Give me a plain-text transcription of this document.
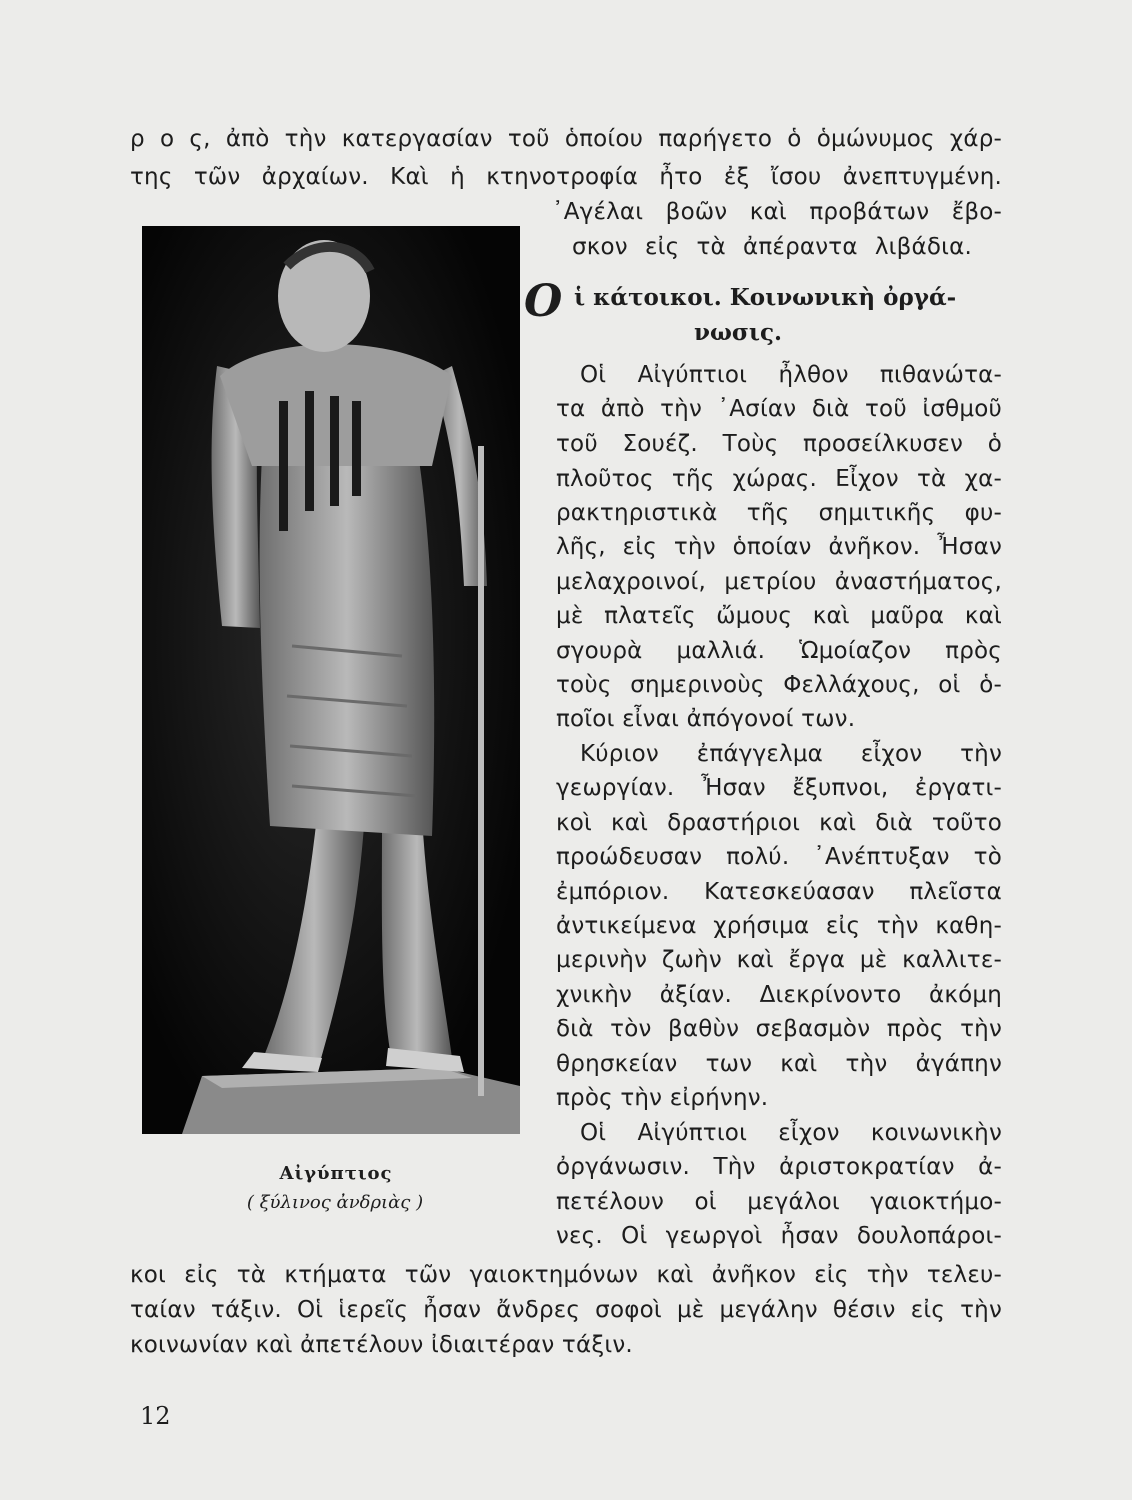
ρ ο ς, ἀπὸ τὴν κατεργασίαν τοῦ ὁποίου παρήγετο ὁ ὁμώνυμος χάρ-

της τῶν ἀρχαίων. Καὶ ἡ κτηνοτροφία ἦτο ἐξ ἴσου ἀνεπτυγμένη.

᾿Αγέλαι βοῶν καὶ προβάτων ἔβο-

σκον εἰς τὰ ἀπέραντα λιβάδια.

Ο ἱ κάτοικοι. Κοινωνικὴ ὀργά-

νωσις.

Οἱ Αἰγύπτιοι ἦλθον πιθανώτα-

τα ἀπὸ τὴν ᾿Ασίαν διὰ τοῦ ἰσθμοῦ

τοῦ Σουέζ. Τοὺς προσείλκυσεν ὁ

πλοῦτος τῆς χώρας. Εἶχον τὰ χα-

ρακτηριστικὰ τῆς σημιτικῆς φυ-

λῆς, εἰς τὴν ὁποίαν ἀνῆκον. Ἦσαν

μελαχροινοί, μετρίου ἀναστήματος,

μὲ πλατεῖς ὤμους καὶ μαῦρα καὶ

σγουρὰ μαλλιά. Ὡμοίαζον πρὸς

τοὺς σημερινοὺς Φελλάχους, οἱ ὁ-

ποῖοι εἶναι ἀπόγονοί των.

Κύριον ἐπάγγελμα εἶχον τὴν

γεωργίαν. Ἦσαν ἔξυπνοι, ἐργατι-

κοὶ καὶ δραστήριοι καὶ διὰ τοῦτο

προώδευσαν πολύ. ᾿Ανέπτυξαν τὸ

ἐμπόριον. Κατεσκεύασαν πλεῖστα

ἀντικείμενα χρήσιμα εἰς τὴν καθη-

μερινὴν ζωὴν καὶ ἔργα μὲ καλλιτε-

χνικὴν ἀξίαν. Διεκρίνοντο ἀκόμη

διὰ τὸν βαθὺν σεβασμὸν πρὸς τὴν

θρησκείαν των καὶ τὴν ἀγάπην

πρὸς τὴν εἰρήνην.

Οἱ Αἰγύπτιοι εἶχον κοινωνικὴν

ὀργάνωσιν. Τὴν ἀριστοκρατίαν ἀ-

πετέλουν οἱ μεγάλοι γαιοκτήμο-

νες. Οἱ γεωργοὶ ἦσαν δουλοπάροι-

Αἰγύπτιος
( ξύλινος ἀνδριὰς )

κοι εἰς τὰ κτήματα τῶν γαιοκτημόνων καὶ ἀνῆκον εἰς τὴν τελευ-

ταίαν τάξιν. Οἱ ἱερεῖς ἦσαν ἄνδρες σοφοὶ μὲ μεγάλην θέσιν εἰς τὴν

κοινωνίαν καὶ ἀπετέλουν ἰδιαιτέραν τάξιν.

12
